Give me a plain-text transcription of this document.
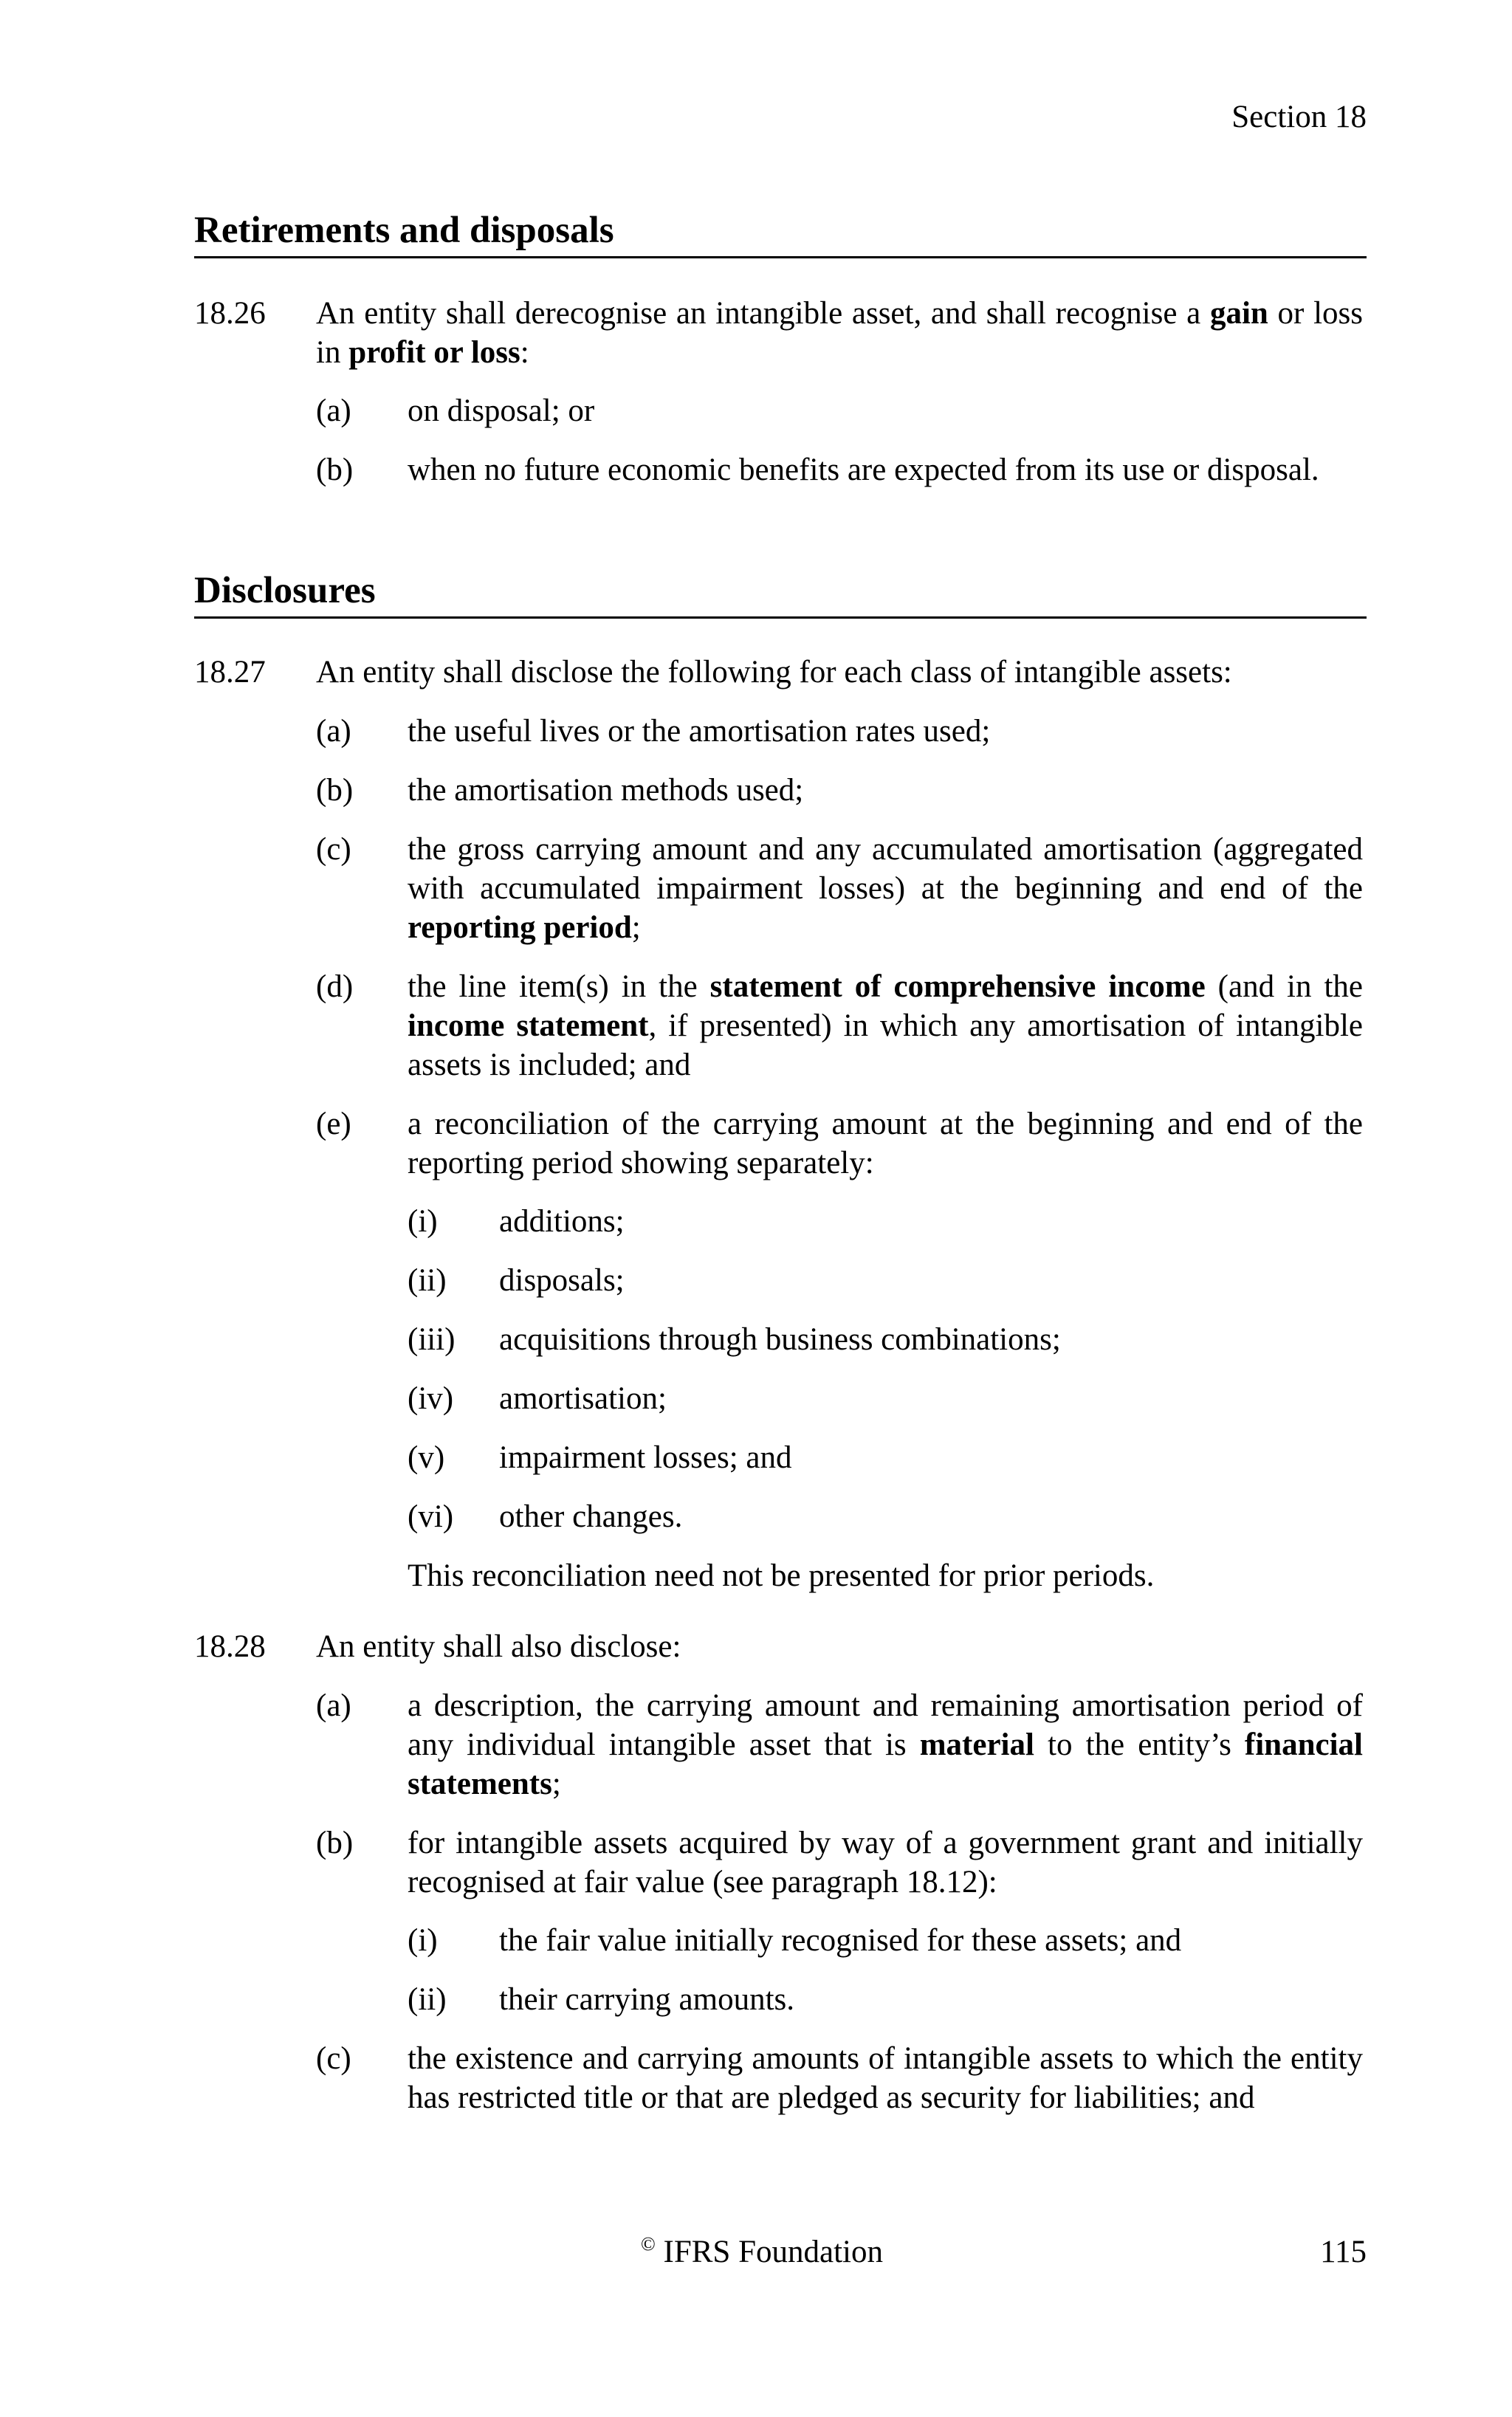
Section 18
Retirements and disposals
18.26 An entity shall derecognise an intangible asset, and shall recognise a gain or loss in profit or loss:
(a) on disposal; or
(b) when no future economic benefits are expected from its use or disposal.
Disclosures
18.27 An entity shall disclose the following for each class of intangible assets:
(a) the useful lives or the amortisation rates used;
(b) the amortisation methods used;
(c) the gross carrying amount and any accumulated amortisation (aggregated with accumulated impairment losses) at the beginning and end of the reporting period;
(d) the line item(s) in the statement of comprehensive income (and in the income statement, if presented) in which any amortisation of intangible assets is included; and
(e) a reconciliation of the carrying amount at the beginning and end of the reporting period showing separately:
(i) additions;
(ii) disposals;
(iii) acquisitions through business combinations;
(iv) amortisation;
(v) impairment losses; and
(vi) other changes.
This reconciliation need not be presented for prior periods.
18.28 An entity shall also disclose:
(a) a description, the carrying amount and remaining amortisation period of any individual intangible asset that is material to the entity’s financial statements;
(b) for intangible assets acquired by way of a government grant and initially recognised at fair value (see paragraph 18.12):
(i) the fair value initially recognised for these assets; and
(ii) their carrying amounts.
(c) the existence and carrying amounts of intangible assets to which the entity has restricted title or that are pledged as security for liabilities; and
© IFRS Foundation	115
